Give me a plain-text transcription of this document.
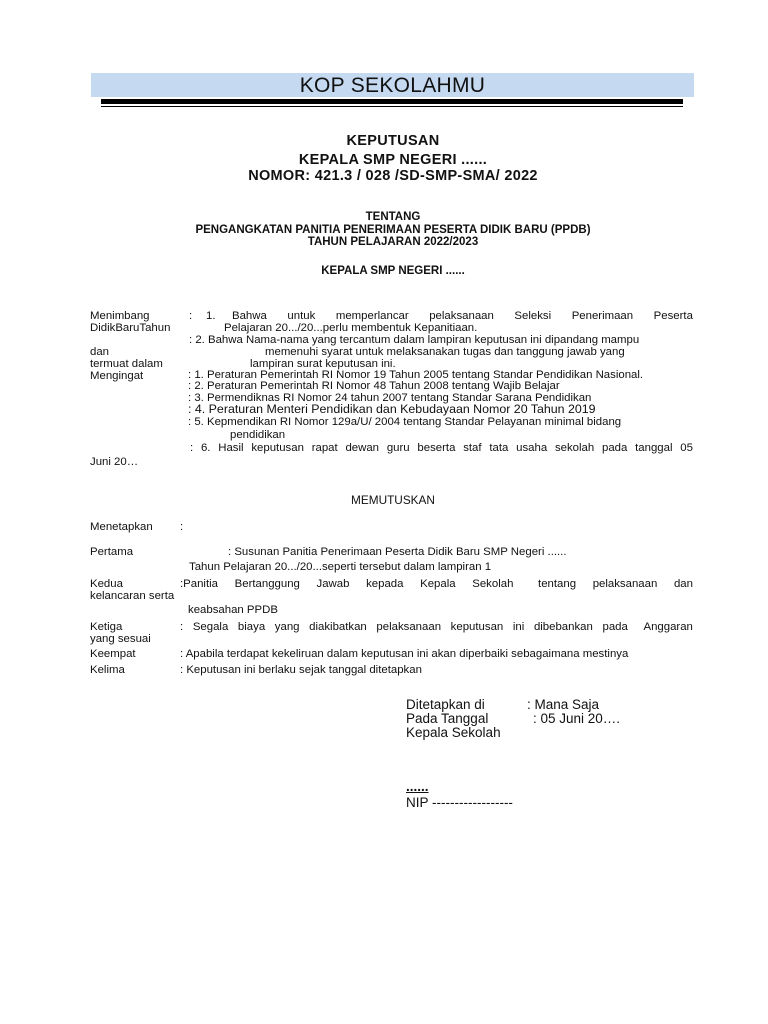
KOP SEKOLAHMU
KEPUTUSAN
KEPALA SMP NEGERI ......
NOMOR: 421.3 / 028 /SD-SMP-SMA/ 2022
TENTANG
PENGANGKATAN PANITIA PENERIMAAN PESERTA DIDIK BARU (PPDB)
TAHUN PELAJARAN 2022/2023
KEPALA SMP NEGERI ......
Menimbang	: 1. Bahwa untuk memperlancar pelaksanaan Seleksi Penerimaan Peserta
DidikBaruTahun	Pelajaran 20.../20...perlu membentuk Kepanitiaan.
: 2. Bahwa Nama-nama yang tercantum dalam lampiran keputusan ini dipandang mampu
dan	memenuhi syarat untuk melaksanakan tugas dan tanggung jawab yang
termuat dalam	lampiran surat keputusan ini.
Mengingat	: 1. Peraturan Pemerintah RI Nomor 19 Tahun 2005 tentang Standar Pendidikan Nasional.
: 2. Peraturan Pemerintah RI Nomor 48 Tahun 2008 tentang Wajib Belajar
: 3. Permendiknas RI Nomor 24 tahun 2007 tentang Standar Sarana Pendidikan
: 4. Peraturan Menteri Pendidikan dan Kebudayaan Nomor 20 Tahun 2019
: 5. Kepmendikan RI Nomor 129a/U/ 2004 tentang Standar Pelayanan minimal bidang
pendidikan
: 6. Hasil keputusan rapat dewan guru beserta staf tata usaha sekolah pada tanggal 05
Juni 20…
MEMUTUSKAN
Menetapkan :
Pertama	: Susunan Panitia Penerimaan Peserta Didik Baru SMP Negeri ......
Tahun Pelajaran 20.../20...seperti tersebut dalam lampiran 1
Kedua	:Panitia Bertanggung Jawab kepada Kepala Sekolah tentang pelaksanaan dan
kelancaran serta
keabsahan PPDB
Ketiga	: Segala biaya yang diakibatkan pelaksanaan keputusan ini dibebankan pada Anggaran
yang sesuai
Keempat	: Apabila terdapat kekeliruan dalam keputusan ini akan diperbaiki sebagaimana mestinya
Kelima	: Keputusan ini berlaku sejak tanggal ditetapkan
Ditetapkan di	: Mana Saja
Pada Tanggal	: 05 Juni 20….
Kepala Sekolah
......
NIP ------------------
